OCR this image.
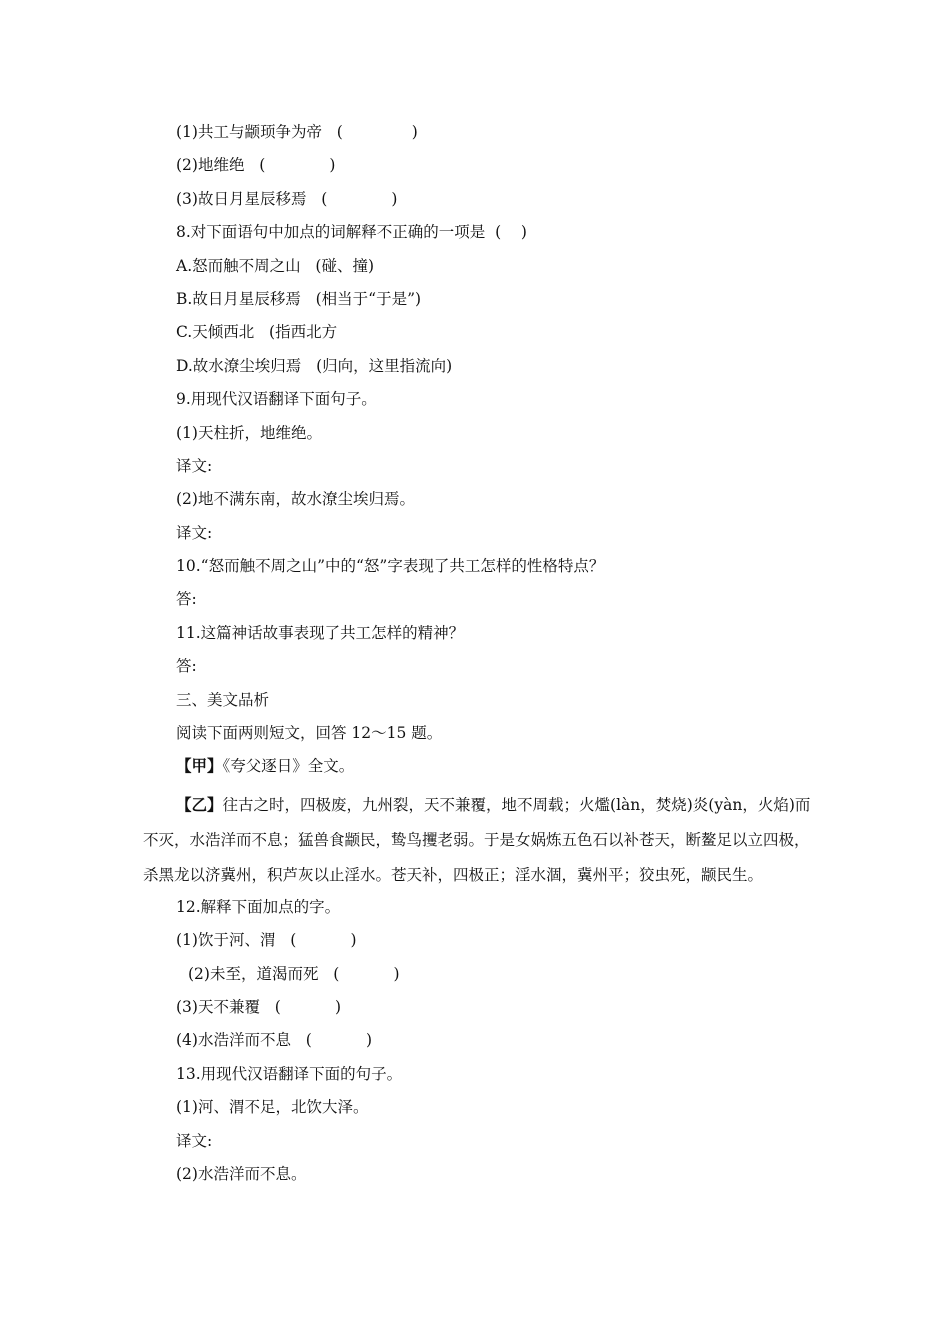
(1)共工与颛顼争为帝   (              )
(2)地维绝   (             )
(3)故日月星辰移焉   (             )
8.对下面语句中加点的词解释不正确的一项是  (    )
A.怒而触不周之山   (碰、撞)
B.故日月星辰移焉   (相当于“于是”)
C.天倾西北   (指西北方
D.故水潦尘埃归焉   (归向，这里指流向)
9.用现代汉语翻译下面句子。
(1)天柱折，地维绝。
译文:
(2)地不满东南，故水潦尘埃归焉。
译文:
10.“怒而触不周之山”中的“怒”字表现了共工怎样的性格特点？
答:
11.这篇神话故事表现了共工怎样的精神？
答:
三、美文品析
阅读下面两则短文，回答 12～15 题。
【甲】《夸父逐日》全文。
【乙】往古之时，四极废，九州裂，天不兼覆，地不周载；火爁(làn，焚烧)炎(yàn，火焰)而不灭，水浩洋而不息；猛兽食颛民，鸷鸟攫老弱。于是女娲炼五色石以补苍天，断鳌足以立四极，杀黑龙以济冀州，积芦灰以止淫水。苍天补，四极正；淫水涸，冀州平；狡虫死，颛民生。
12.解释下面加点的字。
(1)饮于河、渭   (           )
(2)未至，道渴而死   (           )
(3)天不兼覆   (           )
(4)水浩洋而不息   (           )
13.用现代汉语翻译下面的句子。
(1)河、渭不足，北饮大泽。
译文:
(2)水浩洋而不息。
